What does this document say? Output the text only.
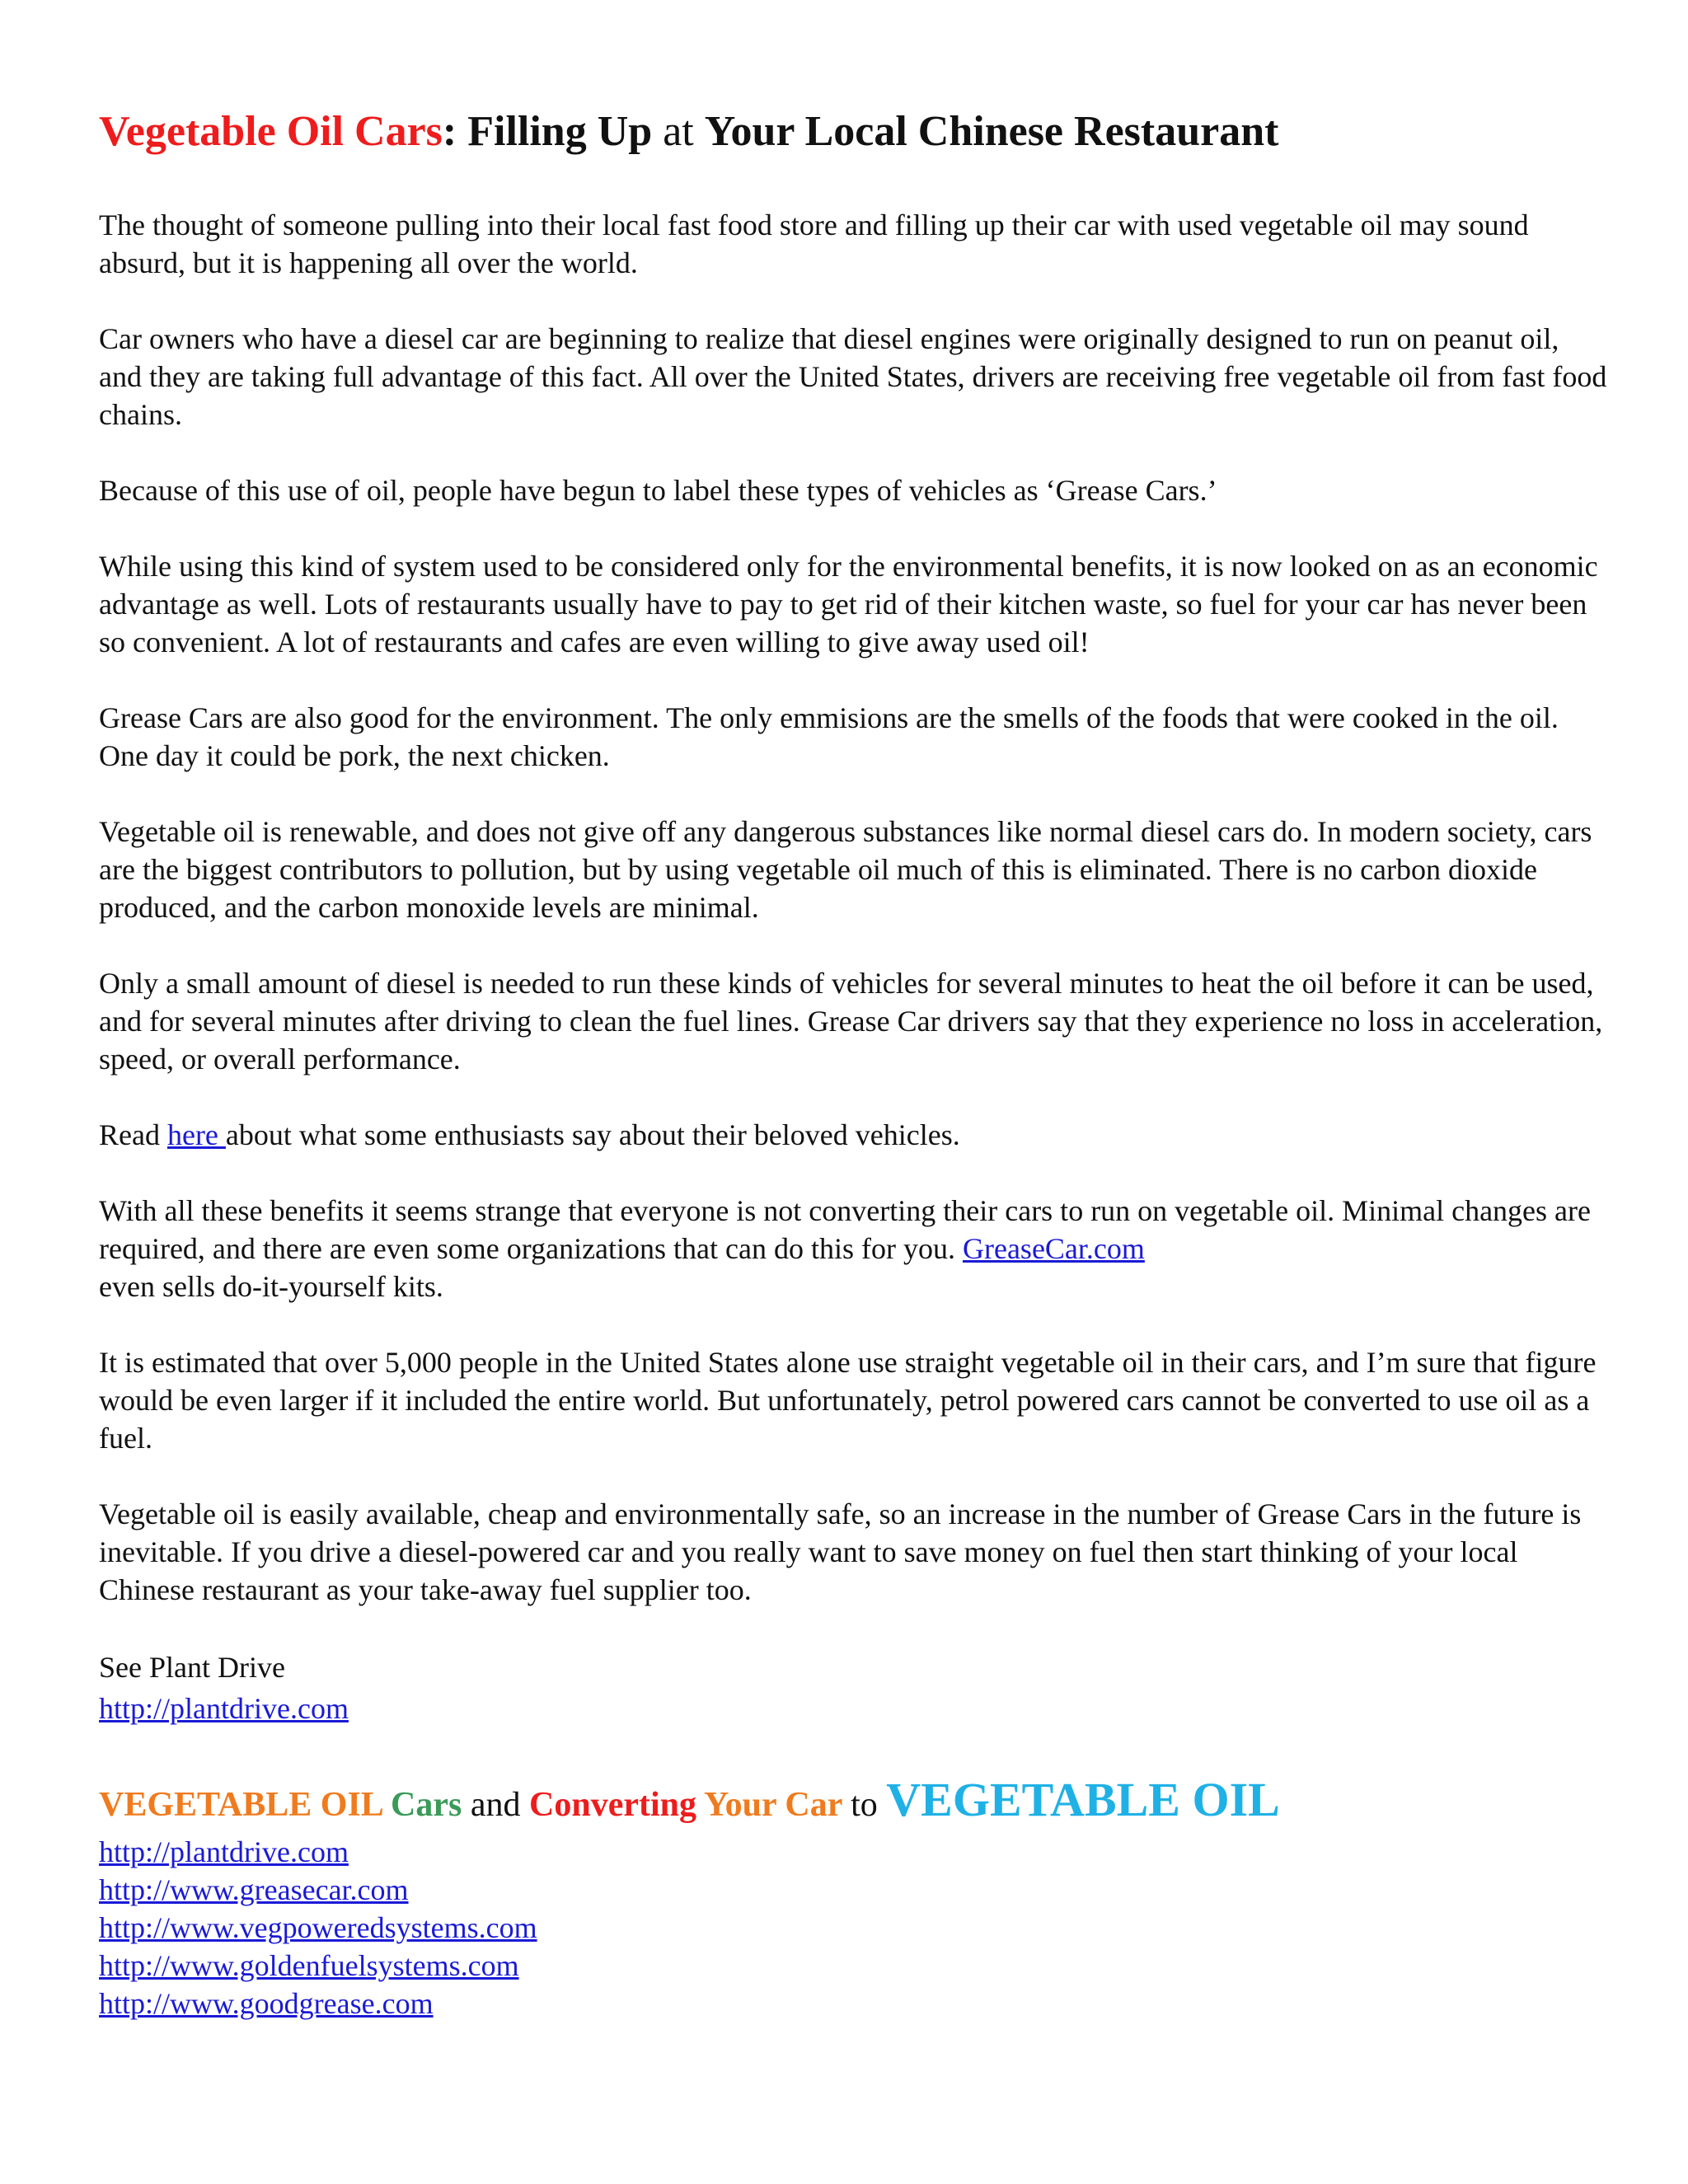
Vegetable Oil Cars: Filling Up at Your Local Chinese Restaurant

The thought of someone pulling into their local fast food store and filling up their car with used vegetable oil may sound absurd, but it is happening all over the world.

Car owners who have a diesel car are beginning to realize that diesel engines were originally designed to run on peanut oil, and they are taking full advantage of this fact. All over the United States, drivers are receiving free vegetable oil from fast food chains.

Because of this use of oil, people have begun to label these types of vehicles as ‘Grease Cars.’

While using this kind of system used to be considered only for the environmental benefits, it is now looked on as an economic advantage as well. Lots of restaurants usually have to pay to get rid of their kitchen waste, so fuel for your car has never been so convenient. A lot of restaurants and cafes are even willing to give away used oil!

Grease Cars are also good for the environment. The only emmisions are the smells of the foods that were cooked in the oil. One day it could be pork, the next chicken.

Vegetable oil is renewable, and does not give off any dangerous substances like normal diesel cars do. In modern society, cars are the biggest contributors to pollution, but by using vegetable oil much of this is eliminated. There is no carbon dioxide produced, and the carbon monoxide levels are minimal.

Only a small amount of diesel is needed to run these kinds of vehicles for several minutes to heat the oil before it can be used, and for several minutes after driving to clean the fuel lines. Grease Car drivers say that they experience no loss in acceleration, speed, or overall performance.

Read here about what some enthusiasts say about their beloved vehicles.

With all these benefits it seems strange that everyone is not converting their cars to run on vegetable oil. Minimal changes are required, and there are even some organizations that can do this for you. GreaseCar.com
even sells do-it-yourself kits.

It is estimated that over 5,000 people in the United States alone use straight vegetable oil in their cars, and I’m sure that figure would be even larger if it included the entire world. But unfortunately, petrol powered cars cannot be converted to use oil as a fuel.

Vegetable oil is easily available, cheap and environmentally safe, so an increase in the number of Grease Cars in the future is inevitable. If you drive a diesel-powered car and you really want to save money on fuel then start thinking of your local Chinese restaurant as your take-away fuel supplier too.

See Plant Drive

http://plantdrive.com

VEGETABLE OIL Cars and Converting Your Car to VEGETABLE OIL
http://plantdrive.com
http://www.greasecar.com
http://www.vegpoweredsystems.com
http://www.goldenfuelsystems.com
http://www.goodgrease.com
